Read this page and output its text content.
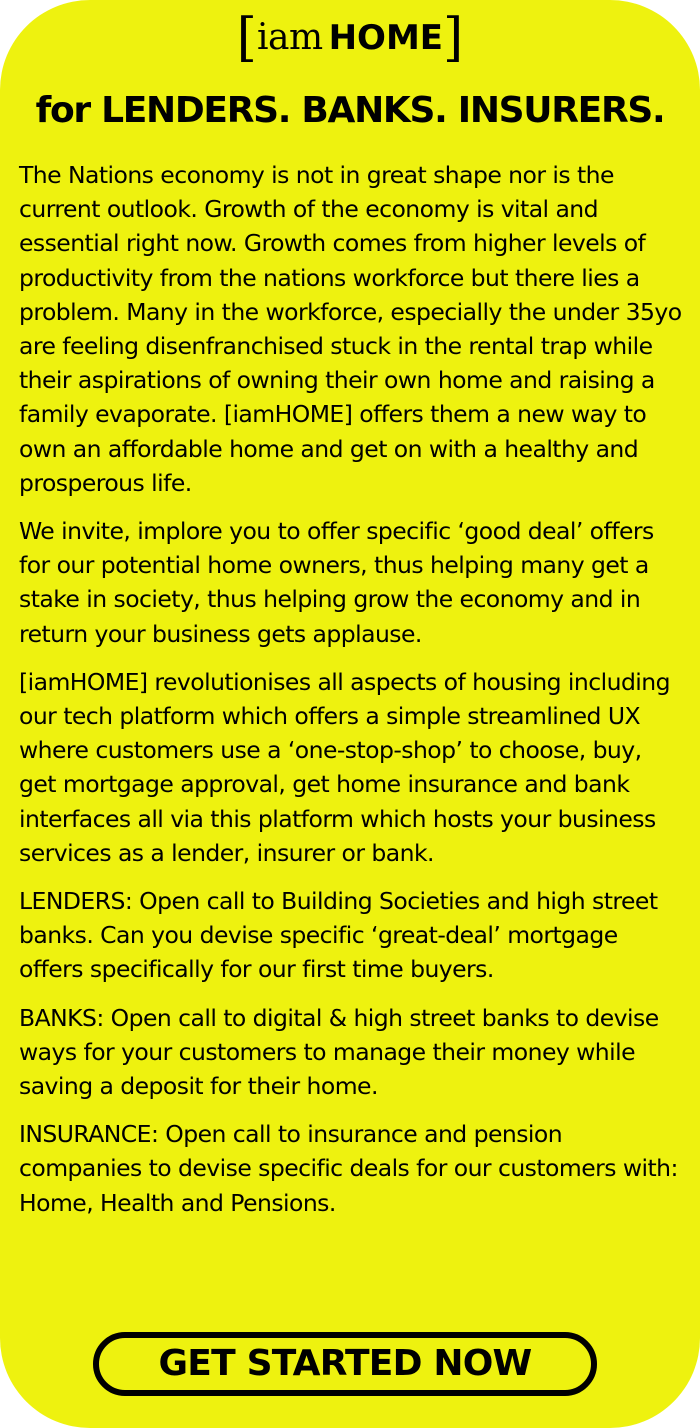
[iam HOME]
for LENDERS. BANKS. INSURERS.

The Nations economy is not in great shape nor is the current outlook. Growth of the economy is vital and essential right now. Growth comes from higher levels of productivity from the nations workforce but there lies a problem. Many in the workforce, especially the under 35yo are feeling disenfranchised stuck in the rental trap while their aspirations of owning their own home and raising a family evaporate. [iamHOME] offers them a new way to own an affordable home and get on with a healthy and prosperous life.

We invite, implore you to offer specific ‘good deal’ offers for our potential home owners, thus helping many get a stake in society, thus helping grow the economy and in return your business gets applause.

[iamHOME] revolutionises all aspects of housing including our tech platform which offers a simple streamlined UX where customers use a ‘one-stop-shop’ to choose, buy, get mortgage approval, get home insurance and bank interfaces all via this platform which hosts your business services as a lender, insurer or bank.

LENDERS: Open call to Building Societies and high street banks. Can you devise specific ‘great-deal’ mortgage offers specifically for our first time buyers.

BANKS: Open call to digital & high street banks to devise ways for your customers to manage their money while saving a deposit for their home.

INSURANCE: Open call to insurance and pension companies to devise specific deals for our customers with: Home, Health and Pensions.

GET STARTED NOW
